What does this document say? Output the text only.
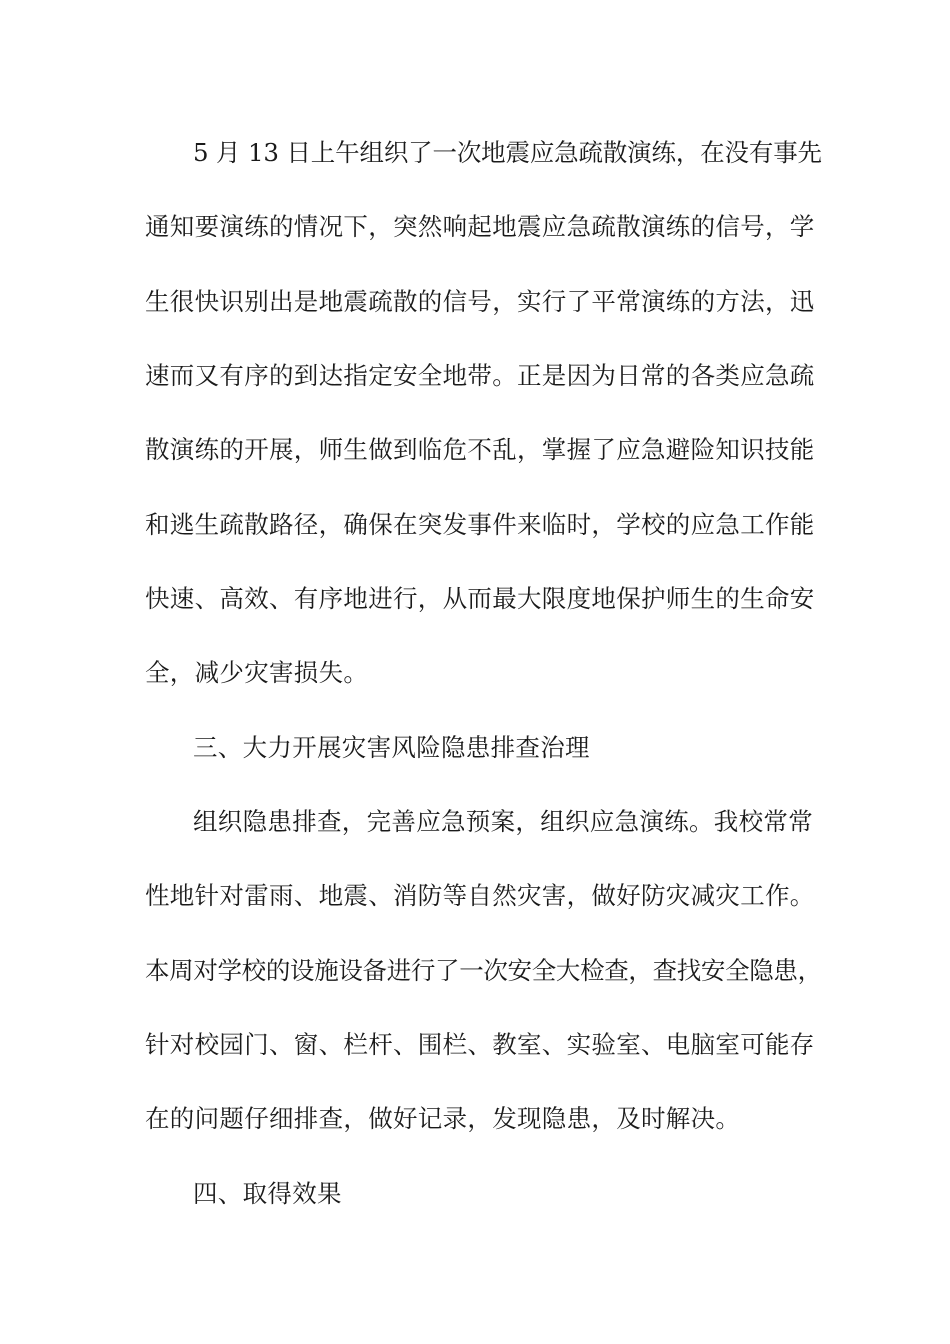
5 月 13 日上午组织了一次地震应急疏散演练，在没有事先
通知要演练的情况下，突然响起地震应急疏散演练的信号，学
生很快识别出是地震疏散的信号，实行了平常演练的方法，迅
速而又有序的到达指定安全地带。正是因为日常的各类应急疏
散演练的开展，师生做到临危不乱，掌握了应急避险知识技能
和逃生疏散路径，确保在突发事件来临时，学校的应急工作能
快速、高效、有序地进行，从而最大限度地保护师生的生命安
全，减少灾害损失。
三、大力开展灾害风险隐患排查治理
组织隐患排查，完善应急预案，组织应急演练。我校常常
性地针对雷雨、地震、消防等自然灾害，做好防灾减灾工作。
本周对学校的设施设备进行了一次安全大检查，查找安全隐患，
针对校园门、窗、栏杆、围栏、教室、实验室、电脑室可能存
在的问题仔细排查，做好记录，发现隐患，及时解决。
四、取得效果
